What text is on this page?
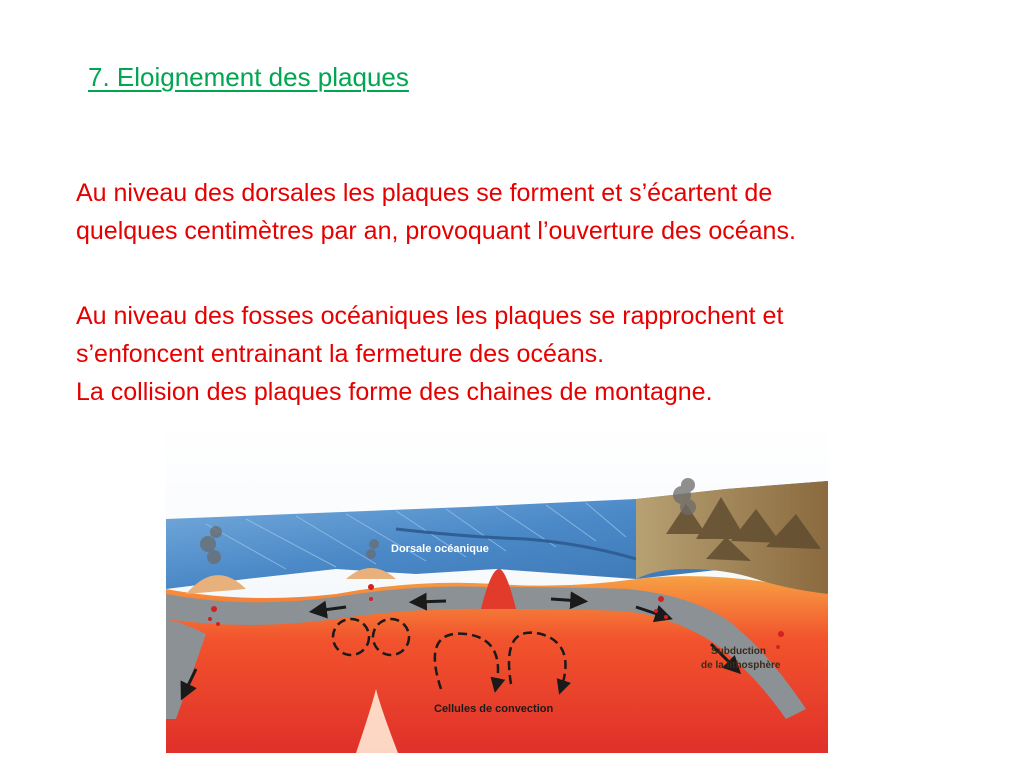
7. Eloignement des plaques
Au niveau des dorsales les plaques se forment et s’écartent de
quelques centimètres par an, provoquant l’ouverture des océans.
Au niveau des fosses océaniques les plaques se rapprochent et
s’enfoncent entrainant la fermeture des océans.
La collision des plaques forme des chaines de montagne.
Dorsale océanique
Subduction
de la lithosphère
Cellules de convection
